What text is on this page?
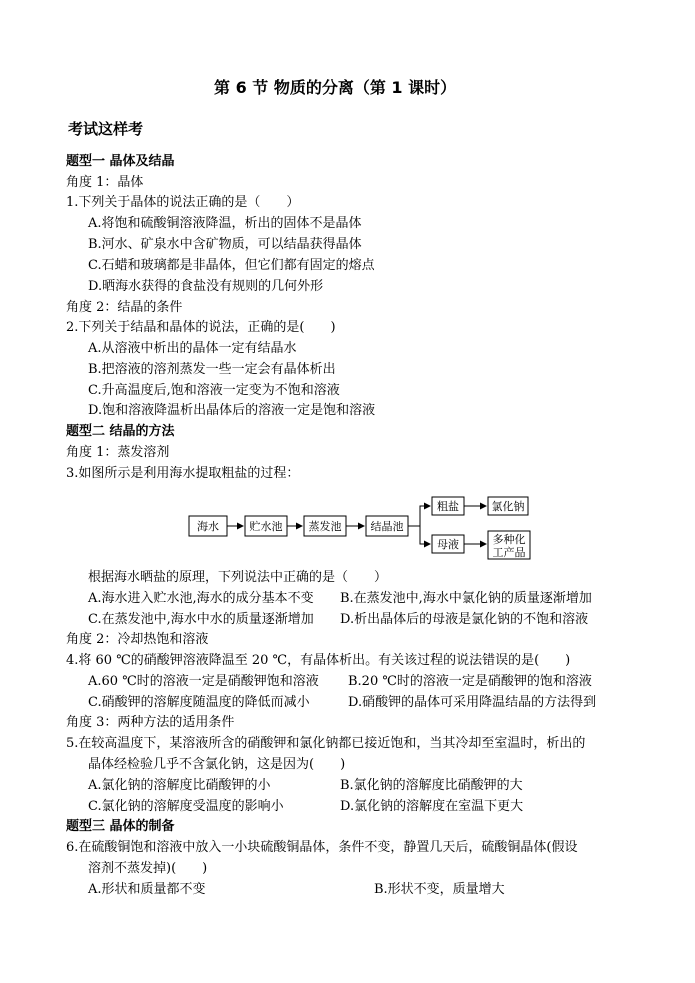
第 6 节 物质的分离（第 1 课时）
考试这样考
题型一 晶体及结晶
角度 1：晶体
1.下列关于晶体的说法正确的是（　　）
A.将饱和硫酸铜溶液降温，析出的固体不是晶体
B.河水、矿泉水中含矿物质，可以结晶获得晶体
C.石蜡和玻璃都是非晶体，但它们都有固定的熔点
D.晒海水获得的食盐没有规则的几何外形
角度 2：结晶的条件
2.下列关于结晶和晶体的说法，正确的是(　　)
A.从溶液中析出的晶体一定有结晶水
B.把溶液的溶剂蒸发一些一定会有晶体析出
C.升高温度后,饱和溶液一定变为不饱和溶液
D.饱和溶液降温析出晶体后的溶液一定是饱和溶液
题型二 结晶的方法
角度 1：蒸发溶剂
3.如图所示是利用海水提取粗盐的过程：
海水	贮水池 蒸发池	结晶池
粗盐	氯化钠
母液	多种化
工产品
根据海水晒盐的原理，下列说法中正确的是（　　）
A.海水进入贮水池,海水的成分基本不变 B.在蒸发池中,海水中氯化钠的质量逐渐增加
C.在蒸发池中,海水中水的质量逐渐增加 D.析出晶体后的母液是氯化钠的不饱和溶液
角度 2：冷却热饱和溶液
4.将 60 ℃的硝酸钾溶液降温至 20 ℃，有晶体析出。有关该过程的说法错误的是(　　)
A.60 ℃时的溶液一定是硝酸钾饱和溶液 B.20 ℃时的溶液一定是硝酸钾的饱和溶液
C.硝酸钾的溶解度随温度的降低而减小	D.硝酸钾的晶体可采用降温结晶的方法得到
角度 3：两种方法的适用条件
5.在较高温度下，某溶液所含的硝酸钾和氯化钠都已接近饱和，当其冷却至室温时，析出的
晶体经检验几乎不含氯化钠，这是因为(　　)
A.氯化钠的溶解度比硝酸钾的小	B.氯化钠的溶解度比硝酸钾的大
C.氯化钠的溶解度受温度的影响小	D.氯化钠的溶解度在室温下更大
题型三 晶体的制备
6.在硫酸铜饱和溶液中放入一小块硫酸铜晶体，条件不变，静置几天后，硫酸铜晶体(假设
溶剂不蒸发掉)(　　)
A.形状和质量都不变	B.形状不变，质量增大
